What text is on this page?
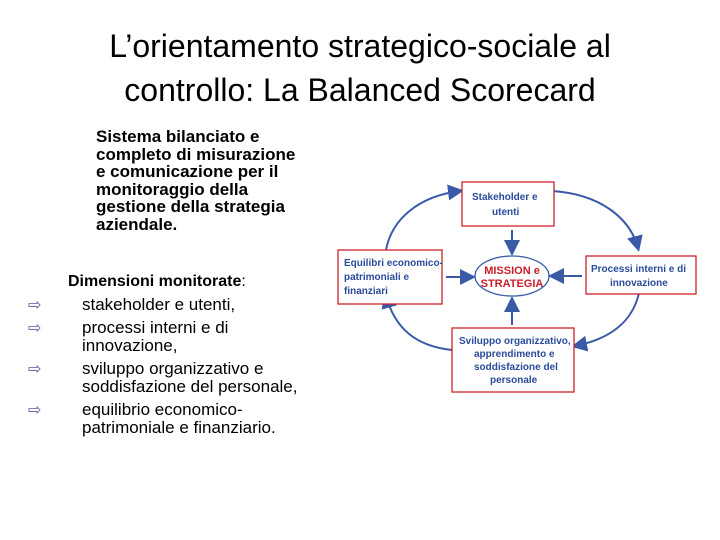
L’orientamento strategico-sociale al
controllo: La Balanced Scorecard
Sistema bilanciato e
completo di misurazione
e comunicazione per il
monitoraggio della
gestione della strategia
aziendale.
Dimensioni monitorate:
⇨ stakeholder e utenti,
⇨ processi interni e di
innovazione,
⇨ sviluppo organizzativo e
soddisfazione del personale,
⇨ equilibrio economico-
patrimoniale e finanziario.
Stakeholder e
utenti
Equilibri economico-
patrimoniali e
finanziari
Processi interni e di
innovazione
Sviluppo organizzativo,
apprendimento e
soddisfazione del
personale
MISSION e
STRATEGIA
